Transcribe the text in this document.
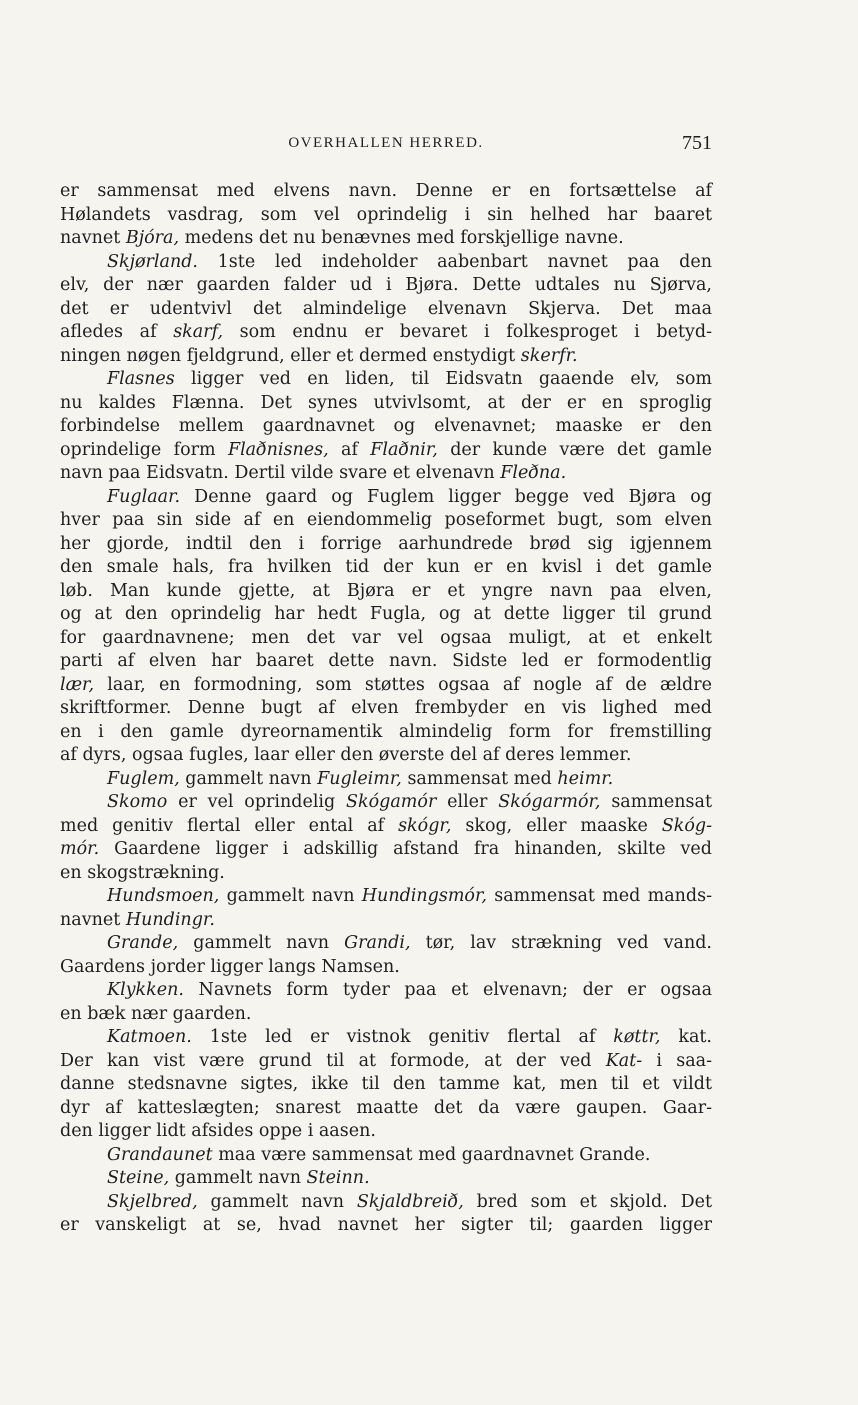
OVERHALLEN HERRED.	751
er sammensat med elvens navn. Denne er en fortsættelse af
Hølandets vasdrag, som vel oprindelig i sin helhed har baaret
navnet Bjóra, medens det nu benævnes med forskjellige navne.
Skjørland. 1ste led indeholder aabenbart navnet paa den
elv, der nær gaarden falder ud i Bjøra. Dette udtales nu Sjørva,
det er udentvivl det almindelige elvenavn Skjerva. Det maa
afledes af skarf, som endnu er bevaret i folkesproget i betyd-
ningen nøgen fjeldgrund, eller et dermed enstydigt skerfr.
Flasnes ligger ved en liden, til Eidsvatn gaaende elv, som
nu kaldes Flænna. Det synes utvivlsomt, at der er en sproglig
forbindelse mellem gaardnavnet og elvenavnet; maaske er den
oprindelige form Flaðnisnes, af Flaðnir, der kunde være det gamle
navn paa Eidsvatn. Dertil vilde svare et elvenavn Fleðna.
Fuglaar. Denne gaard og Fuglem ligger begge ved Bjøra og
hver paa sin side af en eiendommelig poseformet bugt, som elven
her gjorde, indtil den i forrige aarhundrede brød sig igjennem
den smale hals, fra hvilken tid der kun er en kvisl i det gamle
løb. Man kunde gjette, at Bjøra er et yngre navn paa elven,
og at den oprindelig har hedt Fugla, og at dette ligger til grund
for gaardnavnene; men det var vel ogsaa muligt, at et enkelt
parti af elven har baaret dette navn. Sidste led er formodentlig
lær, laar, en formodning, som støttes ogsaa af nogle af de ældre
skriftformer. Denne bugt af elven frembyder en vis lighed med
en i den gamle dyreornamentik almindelig form for fremstilling
af dyrs, ogsaa fugles, laar eller den øverste del af deres lemmer.
Fuglem, gammelt navn Fugleimr, sammensat med heimr.
Skomo er vel oprindelig Skógamór eller Skógarmór, sammensat
med genitiv flertal eller ental af skógr, skog, eller maaske Skóg-
mór. Gaardene ligger i adskillig afstand fra hinanden, skilte ved
en skogstrækning.
Hundsmoen, gammelt navn Hundingsmór, sammensat med mands-
navnet Hundingr.
Grande, gammelt navn Grandi, tør, lav strækning ved vand.
Gaardens jorder ligger langs Namsen.
Klykken. Navnets form tyder paa et elvenavn; der er ogsaa
en bæk nær gaarden.
Katmoen. 1ste led er vistnok genitiv flertal af køttr, kat.
Der kan vist være grund til at formode, at der ved Kat- i saa-
danne stedsnavne sigtes, ikke til den tamme kat, men til et vildt
dyr af katteslægten; snarest maatte det da være gaupen. Gaar-
den ligger lidt afsides oppe i aasen.
Grandaunet maa være sammensat med gaardnavnet Grande.
Steine, gammelt navn Steinn.
Skjelbred, gammelt navn Skjaldbreið, bred som et skjold. Det
er vanskeligt at se, hvad navnet her sigter til; gaarden ligger
